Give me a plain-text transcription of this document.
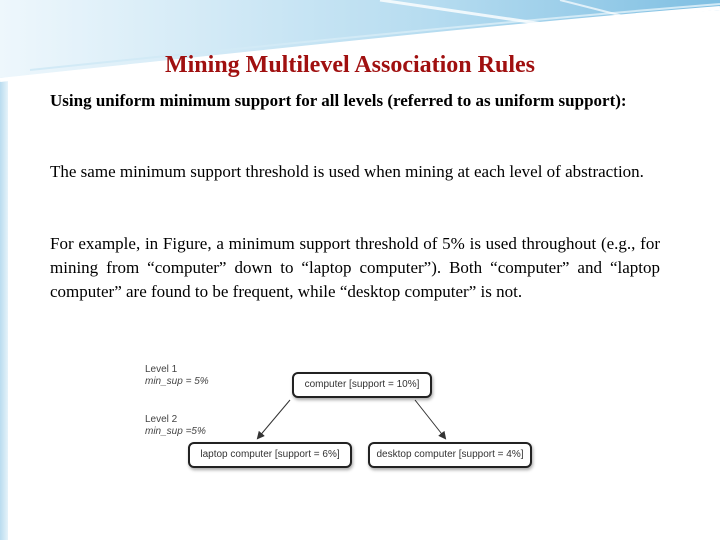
Mining Multilevel Association Rules

Using uniform minimum support for all levels (referred to as uniform support):

The same minimum support threshold is used when mining at each level of abstraction.

For example, in Figure, a minimum support threshold of 5% is used throughout (e.g., for mining from “computer” down to “laptop computer”). Both “computer” and “laptop computer” are found to be frequent, while “desktop computer” is not.

Level 1
min_sup = 5%
Level 2
min_sup =5%
computer [support = 10%]
laptop computer [support = 6%]	desktop computer [support = 4%]
